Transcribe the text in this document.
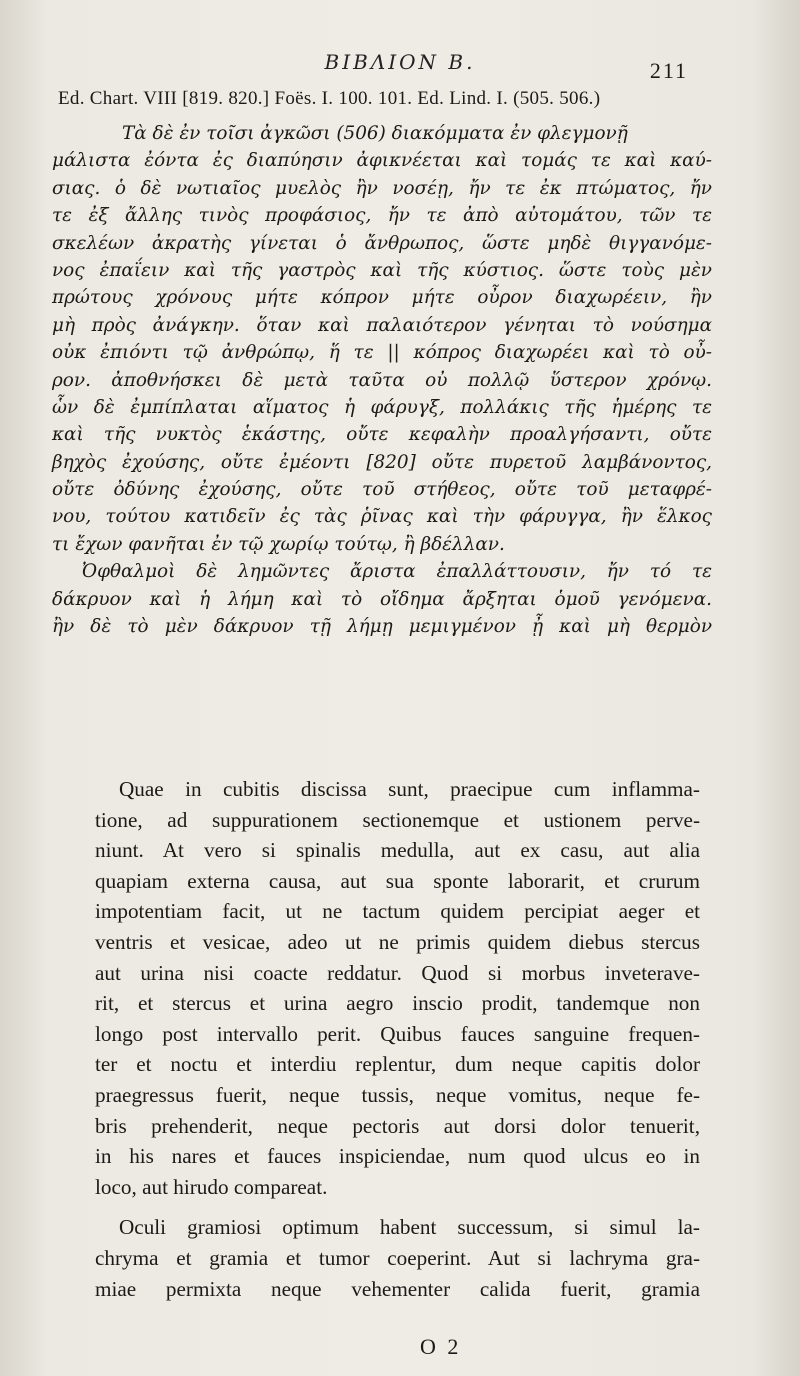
ΒΙΒΛΙΟΝ Β.	211
Ed. Chart. VIII [819. 820.] Foës. I. 100. 101. Ed. Lind. I. (505. 506.)
Τὰ δὲ ἐν τοῖσι ἀγκῶσι (506) διακόμματα ἐν φλεγμονῇ
μάλιστα ἐόντα ἐς διαπύησιν ἀφικνέεται καὶ τομάς τε καὶ καύ-
σιας. ὁ δὲ νωτιαῖος μυελὸς ἢν νοσέῃ, ἤν τε ἐκ πτώματος, ἤν
τε ἐξ ἄλλης τινὸς προφάσιος, ἤν τε ἀπὸ αὐτομάτου, τῶν τε
σκελέων ἀκρατὴς γίνεται ὁ ἄνθρωπος, ὥστε μηδὲ θιγγανόμε-
νος ἐπαΐειν καὶ τῆς γαστρὸς καὶ τῆς κύστιος. ὥστε τοὺς μὲν
πρώτους χρόνους μήτε κόπρον μήτε οὖρον διαχωρέειν, ἢν
μὴ πρὸς ἀνάγκην. ὅταν καὶ παλαιότερον γένηται τὸ νούσημα
οὐκ ἐπιόντι τῷ ἀνθρώπῳ, ἥ τε || κόπρος διαχωρέει καὶ τὸ οὖ-
ρον. ἀποθνήσκει δὲ μετὰ ταῦτα οὐ πολλῷ ὕστερον χρόνῳ.
ὧν δὲ ἐμπίπλαται αἵματος ἡ φάρυγξ, πολλάκις τῆς ἡμέρης τε
καὶ τῆς νυκτὸς ἑκάστης, οὔτε κεφαλὴν προαλγήσαντι, οὔτε
βηχὸς ἐχούσης, οὔτε ἐμέοντι [820] οὔτε πυρετοῦ λαμβάνοντος,
οὔτε ὀδύνης ἐχούσης, οὔτε τοῦ στήθεος, οὔτε τοῦ μεταφρέ-
νου, τούτου κατιδεῖν ἐς τὰς ῥῖνας καὶ τὴν φάρυγγα, ἢν ἕλκος
τι ἔχων φανῆται ἐν τῷ χωρίῳ τούτῳ, ἢ βδέλλαν.
Ὀφθαλμοὶ δὲ λημῶντες ἄριστα ἐπαλλάττουσιν, ἤν τό τε
δάκρυον καὶ ἡ λήμη καὶ τὸ οἴδημα ἄρξηται ὁμοῦ γενόμενα.
ἢν δὲ τὸ μὲν δάκρυον τῇ λήμῃ μεμιγμένον ᾖ καὶ μὴ θερμὸν
Quae in cubitis discissa sunt, praecipue cum inflamma-
tione, ad suppurationem sectionemque et ustionem perve-
niunt. At vero si spinalis medulla, aut ex casu, aut alia
quapiam externa causa, aut sua sponte laborarit, et crurum
impotentiam facit, ut ne tactum quidem percipiat aeger et
ventris et vesicae, adeo ut ne primis quidem diebus stercus
aut urina nisi coacte reddatur. Quod si morbus inveterave-
rit, et stercus et urina aegro inscio prodit, tandemque non
longo post intervallo perit. Quibus fauces sanguine frequen-
ter et noctu et interdiu replentur, dum neque capitis dolor
praegressus fuerit, neque tussis, neque vomitus, neque fe-
bris prehenderit, neque pectoris aut dorsi dolor tenuerit,
in his nares et fauces inspiciendae, num quod ulcus eo in
loco, aut hirudo compareat.
Oculi gramiosi optimum habent successum, si simul la-
chryma et gramia et tumor coeperint. Aut si lachryma gra-
miae permixta neque vehementer calida fuerit, gramia
O 2
